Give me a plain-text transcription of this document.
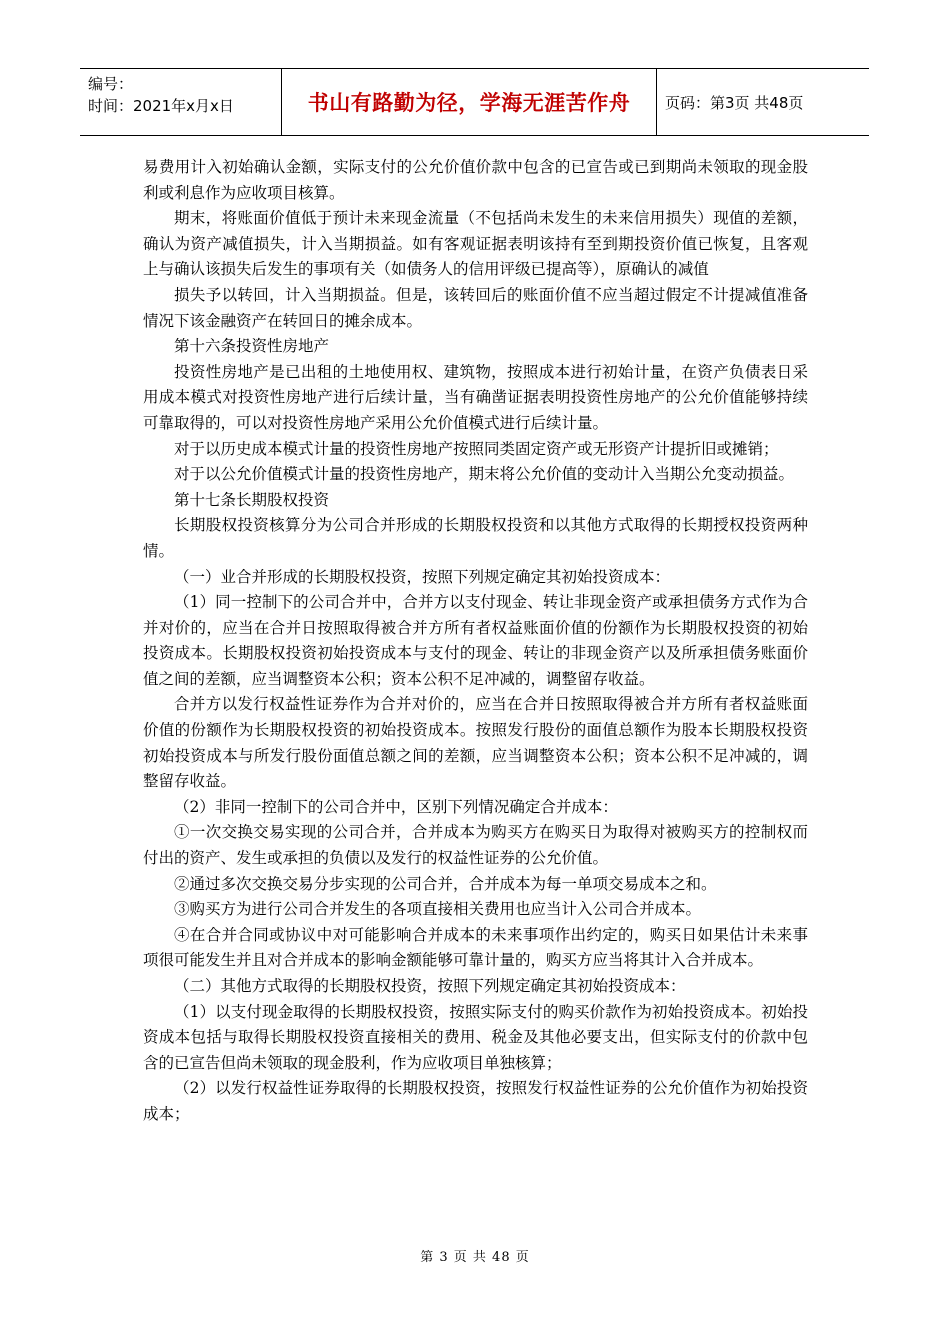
编号：
时间：2021年x月x日	书山有路勤为径，学海无涯苦作舟	页码：第3页 共48页

易费用计入初始确认金额，实际支付的公允价值价款中包含的已宣告或已到期尚未领取的现金股利或利息作为应收项目核算。

期末，将账面价值低于预计未来现金流量（不包括尚未发生的未来信用损失）现值的差额，确认为资产减值损失，计入当期损益。如有客观证据表明该持有至到期投资价值已恢复，且客观上与确认该损失后发生的事项有关（如债务人的信用评级已提高等），原确认的减值

损失予以转回，计入当期损益。但是，该转回后的账面价值不应当超过假定不计提减值准备情况下该金融资产在转回日的摊余成本。

第十六条投资性房地产

投资性房地产是已出租的土地使用权、建筑物，按照成本进行初始计量，在资产负债表日采用成本模式对投资性房地产进行后续计量，当有确凿证据表明投资性房地产的公允价值能够持续可靠取得的，可以对投资性房地产采用公允价值模式进行后续计量。

对于以历史成本模式计量的投资性房地产按照同类固定资产或无形资产计提折旧或摊销；

对于以公允价值模式计量的投资性房地产，期末将公允价值的变动计入当期公允变动损益。

第十七条长期股权投资

长期股权投资核算分为公司合并形成的长期股权投资和以其他方式取得的长期授权投资两种情。

（一）业合并形成的长期股权投资，按照下列规定确定其初始投资成本：

（1）同一控制下的公司合并中，合并方以支付现金、转让非现金资产或承担债务方式作为合并对价的，应当在合并日按照取得被合并方所有者权益账面价值的份额作为长期股权投资的初始投资成本。长期股权投资初始投资成本与支付的现金、转让的非现金资产以及所承担债务账面价值之间的差额，应当调整资本公积；资本公积不足冲减的，调整留存收益。

合并方以发行权益性证券作为合并对价的，应当在合并日按照取得被合并方所有者权益账面价值的份额作为长期股权投资的初始投资成本。按照发行股份的面值总额作为股本长期股权投资初始投资成本与所发行股份面值总额之间的差额，应当调整资本公积；资本公积不足冲减的，调整留存收益。

（2）非同一控制下的公司合并中，区别下列情况确定合并成本：

①一次交换交易实现的公司合并，合并成本为购买方在购买日为取得对被购买方的控制权而付出的资产、发生或承担的负债以及发行的权益性证券的公允价值。

②通过多次交换交易分步实现的公司合并，合并成本为每一单项交易成本之和。

③购买方为进行公司合并发生的各项直接相关费用也应当计入公司合并成本。

④在合并合同或协议中对可能影响合并成本的未来事项作出约定的，购买日如果估计未来事项很可能发生并且对合并成本的影响金额能够可靠计量的，购买方应当将其计入合并成本。

（二）其他方式取得的长期股权投资，按照下列规定确定其初始投资成本：

（1）以支付现金取得的长期股权投资，按照实际支付的购买价款作为初始投资成本。初始投资成本包括与取得长期股权投资直接相关的费用、税金及其他必要支出，但实际支付的价款中包含的已宣告但尚未领取的现金股利，作为应收项目单独核算；

（2）以发行权益性证券取得的长期股权投资，按照发行权益性证券的公允价值作为初始投资成本；

第 3 页 共 48 页
